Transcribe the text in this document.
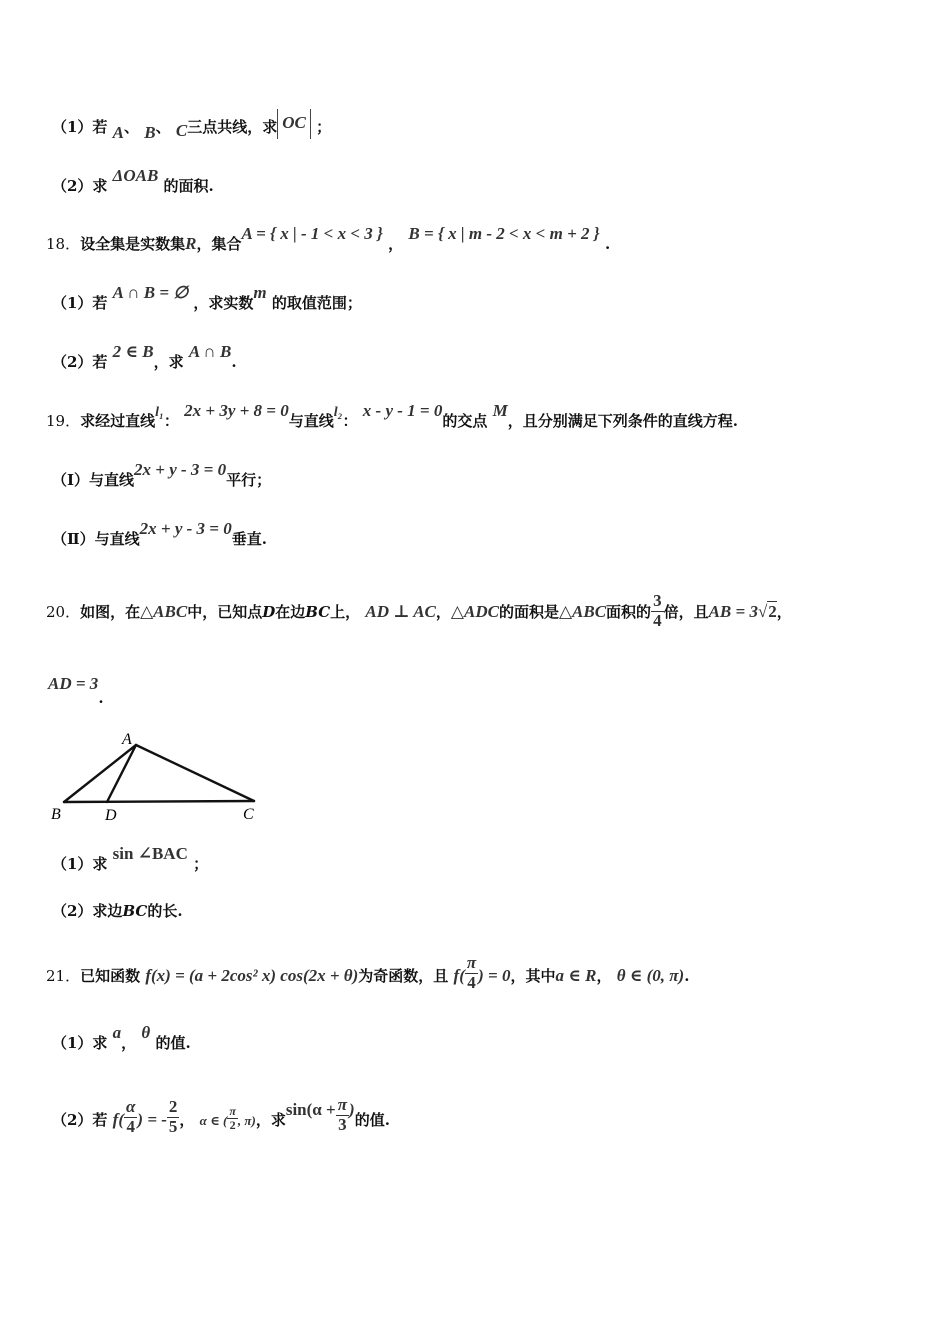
（1）若 A、 B、 C三点共线，求 OC ；
（2）求 ΔOAB 的面积.
18．设全集是实数集R，集合A = { x | - 1 < x < 3 } ， B = { x | m - 2 < x < m + 2 } .
（1）若 A ∩ B = ∅ ，求实数m 的取值范围；
（2）若 2 ∈ B，求 A ∩ B.
19．求经过直线l₁： 2x + 3y + 8 = 0与直线l₂： x - y - 1 = 0的交点 M，且分别满足下列条件的直线方程.
（Ⅰ）与直线2x + y - 3 = 0平行；
（Ⅱ）与直线2x + y - 3 = 0垂直.
20．如图，在△ABC中，已知点D在边BC上， AD ⊥ AC，△ADC的面积是△ABC面积的 $\frac{3}{4}$ 倍，且AB = 3√2，
AD = 3.
A
B	D	C
（1）求 sin ∠BAC ；
（2）求边BC的长.
21．已知函数 f(x) = (a + 2cos² x) cos(2x + θ)为奇函数，且 $f( \frac{\pi}{4}$ ) = 0，其中a ∈ R， θ ∈ (0, π).
（1）求 a， θ 的值.
（2）若 $f( \frac{\alpha}{4}$ ) = - $\frac{2}{5}$ ， α ∈ ( $\frac{\pi}{2}$ , π)，求$\sin(\alpha + \frac{\pi}{3}$ )的值.
